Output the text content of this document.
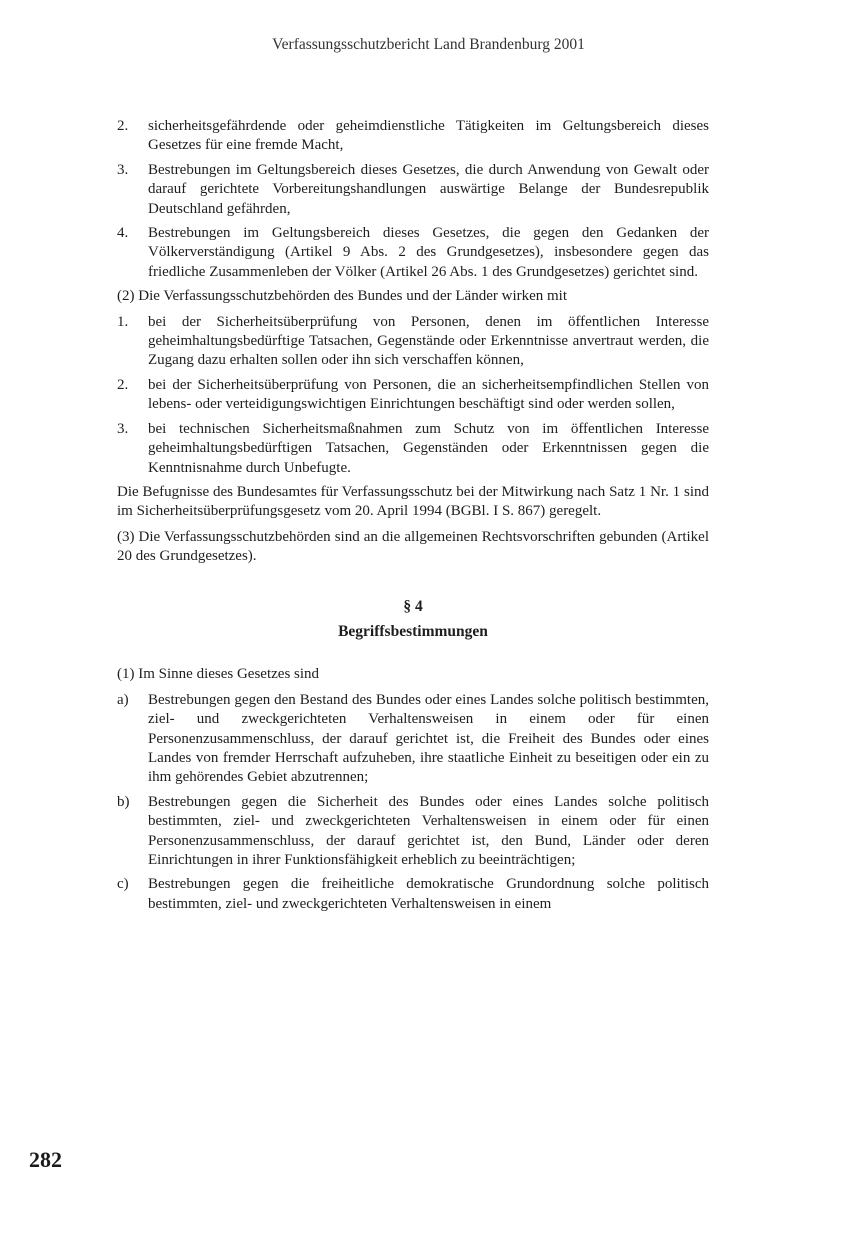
Verfassungsschutzbericht Land Brandenburg 2001
2. sicherheitsgefährdende oder geheimdienstliche Tätigkeiten im Geltungsbereich dieses Gesetzes für eine fremde Macht,
3. Bestrebungen im Geltungsbereich dieses Gesetzes, die durch Anwendung von Gewalt oder darauf gerichtete Vorbereitungshandlungen auswärtige Belange der Bundesrepublik Deutschland gefährden,
4. Bestrebungen im Geltungsbereich dieses Gesetzes, die gegen den Gedanken der Völkerverständigung (Artikel 9 Abs. 2 des Grundgesetzes), insbesondere gegen das friedliche Zusammenleben der Völker (Artikel 26 Abs. 1 des Grundgesetzes) gerichtet sind.

(2) Die Verfassungsschutzbehörden des Bundes und der Länder wirken mit

1. bei der Sicherheitsüberprüfung von Personen, denen im öffentlichen Interesse geheimhaltungsbedürftige Tatsachen, Gegenstände oder Erkenntnisse anvertraut werden, die Zugang dazu erhalten sollen oder ihn sich verschaffen können,
2. bei der Sicherheitsüberprüfung von Personen, die an sicherheitsempfindlichen Stellen von lebens- oder verteidigungswichtigen Einrichtungen beschäftigt sind oder werden sollen,
3. bei technischen Sicherheitsmaßnahmen zum Schutz von im öffentlichen Interesse geheimhaltungsbedürftigen Tatsachen, Gegenständen oder Erkenntnissen gegen die Kenntnisnahme durch Unbefugte.

Die Befugnisse des Bundesamtes für Verfassungsschutz bei der Mitwirkung nach Satz 1 Nr. 1 sind im Sicherheitsüberprüfungsgesetz vom 20. April 1994 (BGBl. I S. 867) geregelt.

(3) Die Verfassungsschutzbehörden sind an die allgemeinen Rechtsvorschriften gebunden (Artikel 20 des Grundgesetzes).

§ 4
Begriffsbestimmungen

(1) Im Sinne dieses Gesetzes sind

a) Bestrebungen gegen den Bestand des Bundes oder eines Landes solche politisch bestimmten, ziel- und zweckgerichteten Verhaltensweisen in einem oder für einen Personenzusammenschluss, der darauf gerichtet ist, die Freiheit des Bundes oder eines Landes von fremder Herrschaft aufzuheben, ihre staatliche Einheit zu beseitigen oder ein zu ihm gehörendes Gebiet abzutrennen;
b) Bestrebungen gegen die Sicherheit des Bundes oder eines Landes solche politisch bestimmten, ziel- und zweckgerichteten Verhaltensweisen in einem oder für einen Personenzusammenschluss, der darauf gerichtet ist, den Bund, Länder oder deren Einrichtungen in ihrer Funktionsfähigkeit erheblich zu beeinträchtigen;
c) Bestrebungen gegen die freiheitliche demokratische Grundordnung solche politisch bestimmten, ziel- und zweckgerichteten Verhaltensweisen in einem
282
